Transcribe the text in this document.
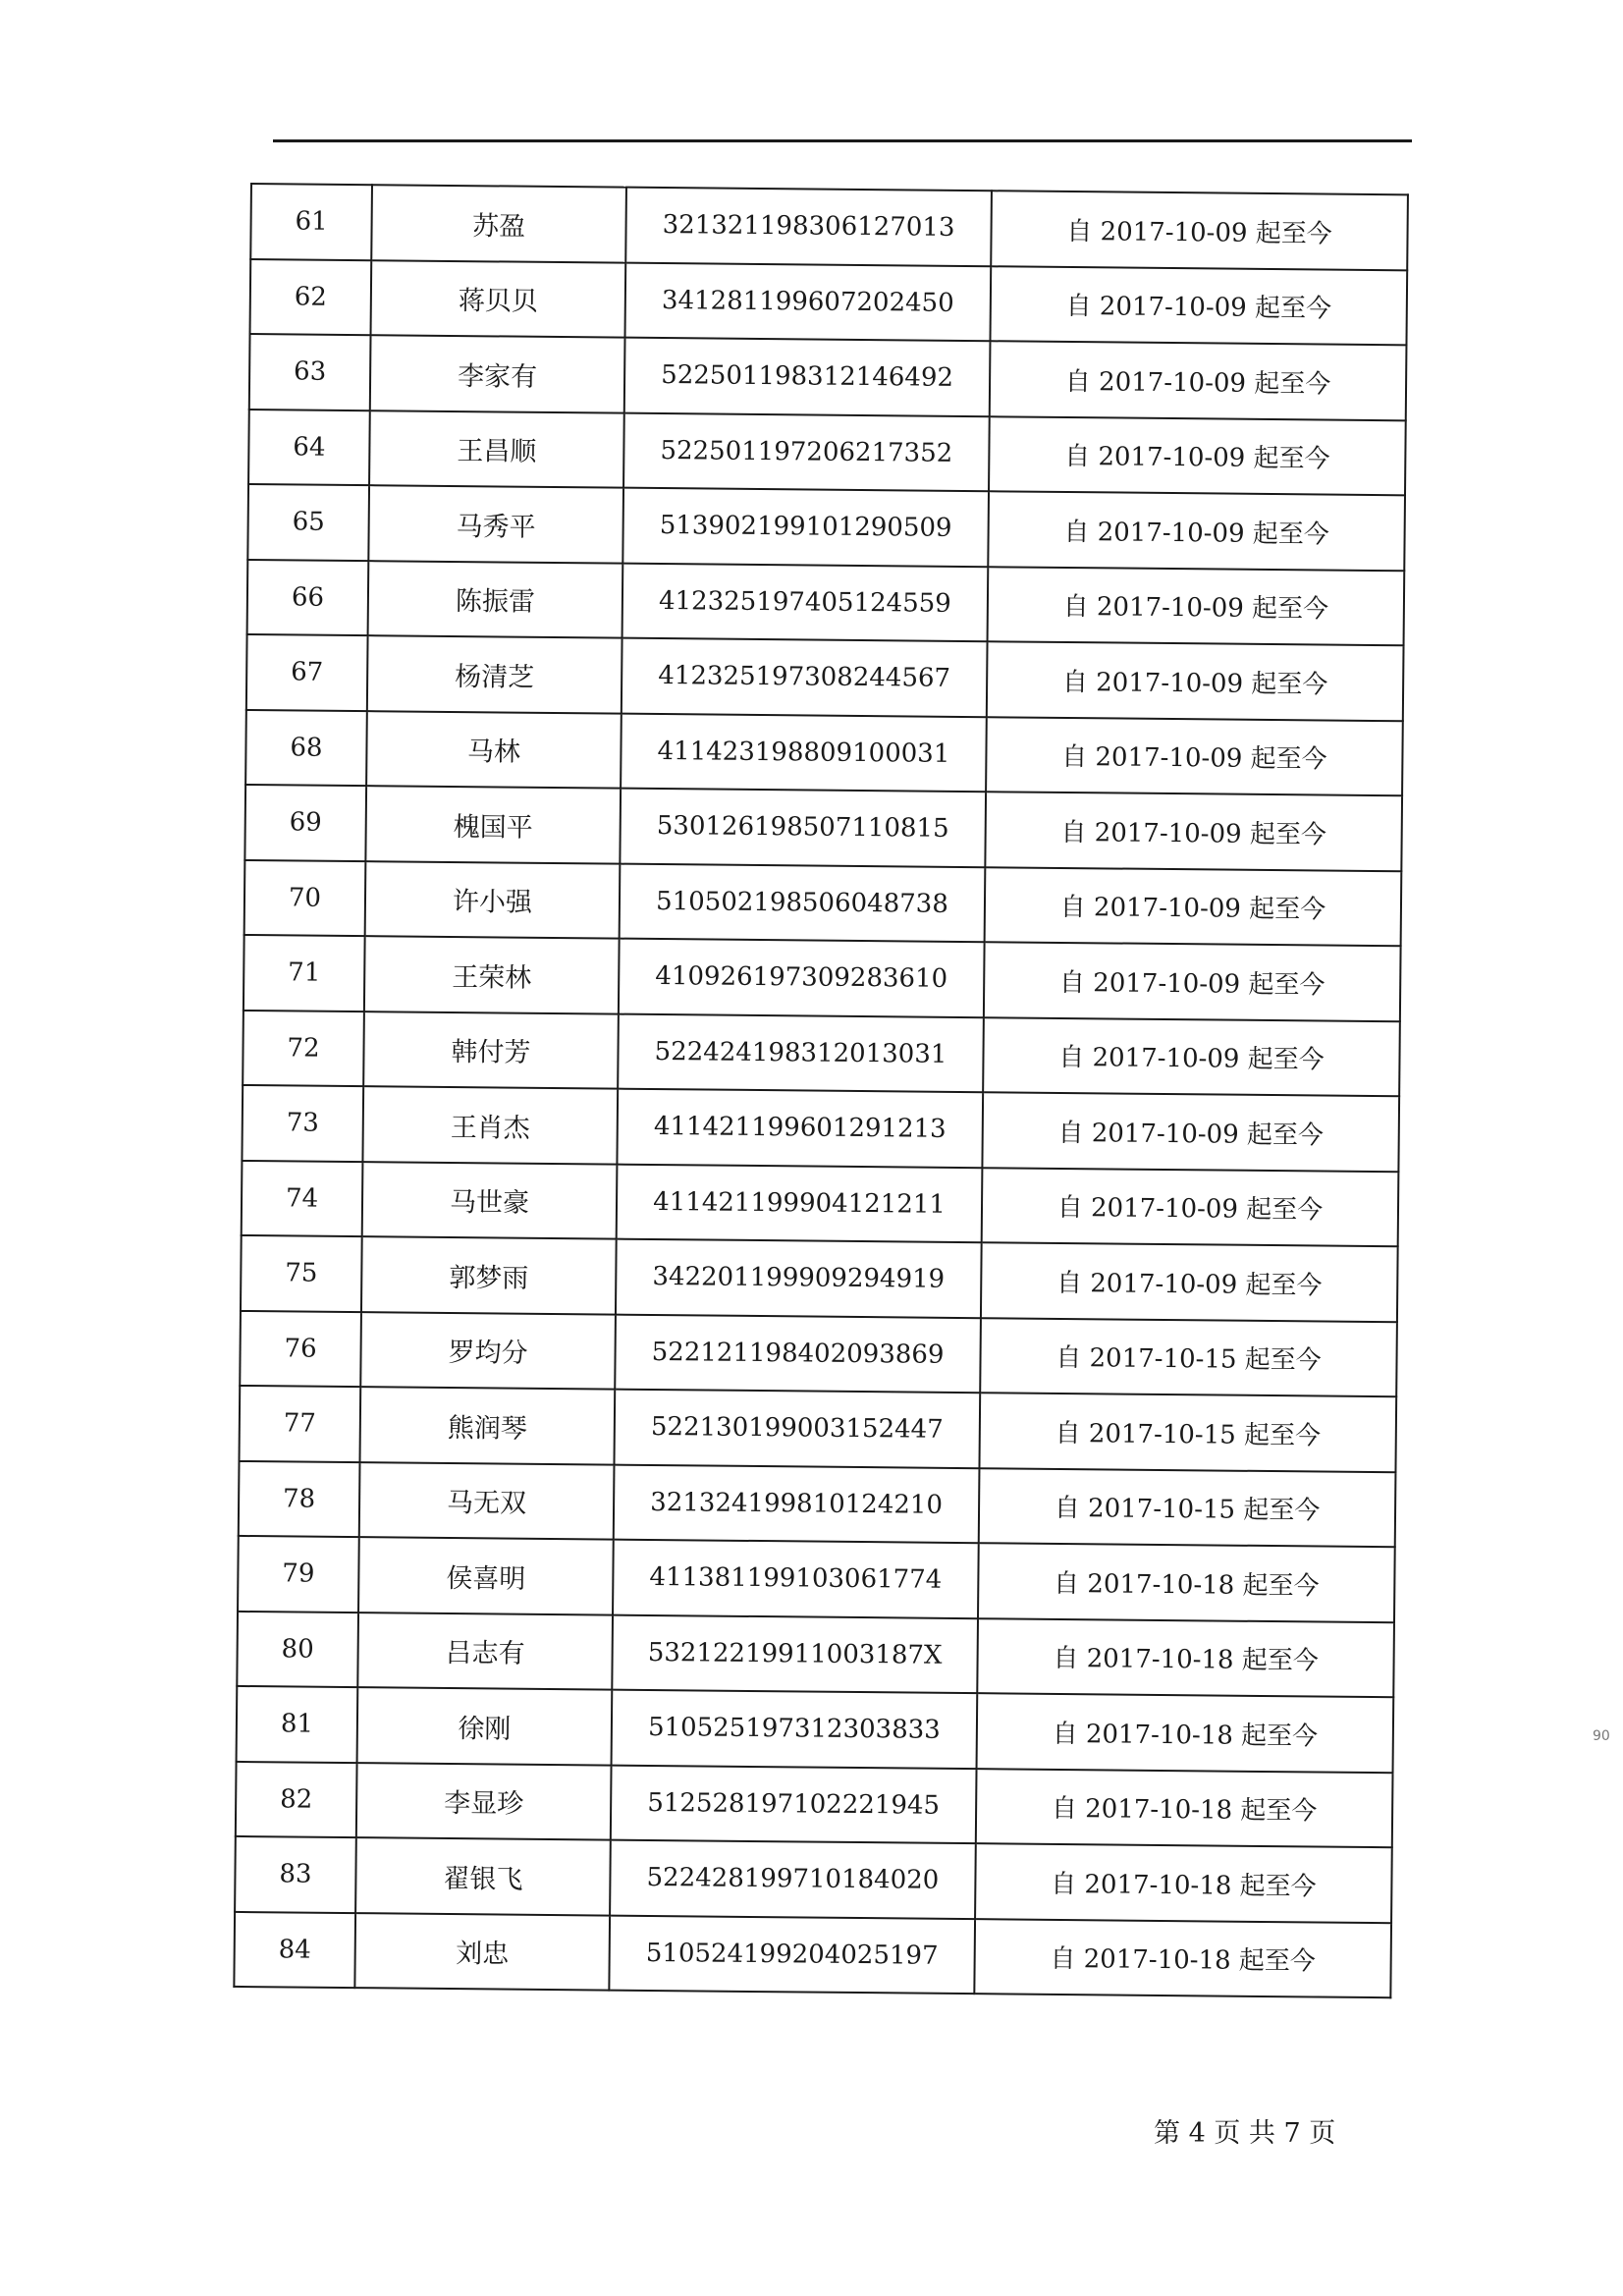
61	苏盈	321321198306127013	自 2017-10-09 起至今
62	蒋贝贝	341281199607202450	自 2017-10-09 起至今
63	李家有	522501198312146492	自 2017-10-09 起至今
64	王昌顺	522501197206217352	自 2017-10-09 起至今
65	马秀平	513902199101290509	自 2017-10-09 起至今
66	陈振雷	412325197405124559	自 2017-10-09 起至今
67	杨清芝	412325197308244567	自 2017-10-09 起至今
68	马林	411423198809100031	自 2017-10-09 起至今
69	槐国平	530126198507110815	自 2017-10-09 起至今
70	许小强	510502198506048738	自 2017-10-09 起至今
71	王荣林	410926197309283610	自 2017-10-09 起至今
72	韩付芳	522424198312013031	自 2017-10-09 起至今
73	王肖杰	411421199601291213	自 2017-10-09 起至今
74	马世豪	411421199904121211	自 2017-10-09 起至今
75	郭梦雨	342201199909294919	自 2017-10-09 起至今
76	罗均分	522121198402093869	自 2017-10-15 起至今
77	熊润琴	522130199003152447	自 2017-10-15 起至今
78	马无双	321324199810124210	自 2017-10-15 起至今
79	侯喜明	411381199103061774	自 2017-10-18 起至今
80	吕志有	53212219911003187X	自 2017-10-18 起至今
81	徐刚	510525197312303833	自 2017-10-18 起至今
82	李显珍	512528197102221945	自 2017-10-18 起至今
83	翟银飞	522428199710184020	自 2017-10-18 起至今
84	刘忠	510524199204025197	自 2017-10-18 起至今
第 4 页 共 7 页
90
